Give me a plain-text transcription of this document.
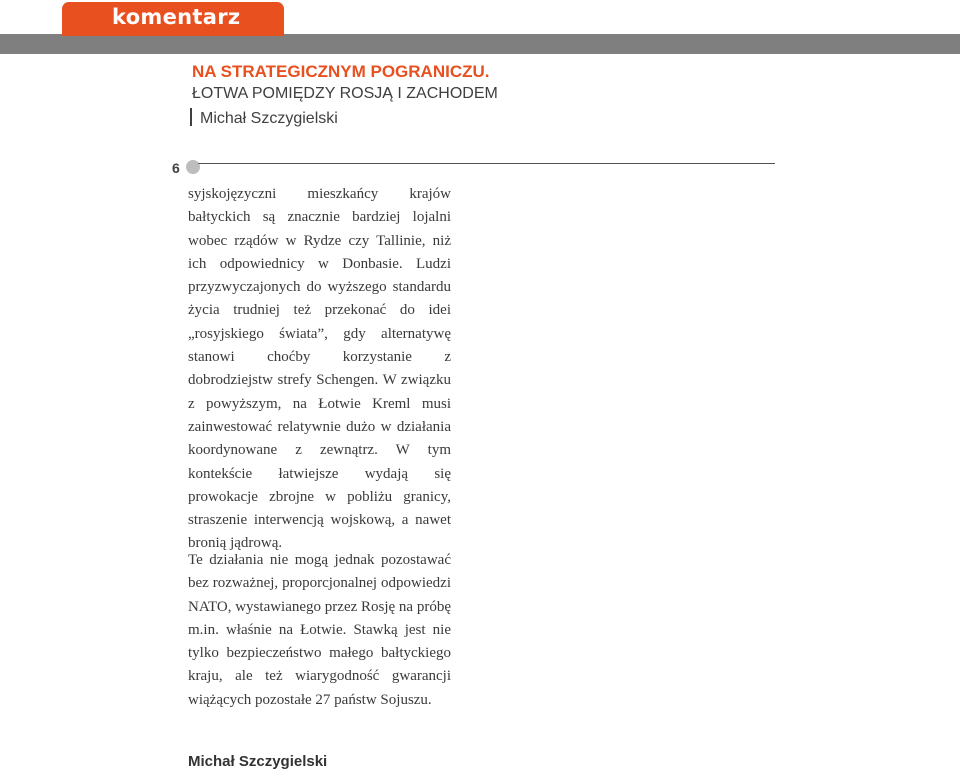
komentarz
NA STRATEGICZNYM POGRANICZU.
ŁOTWA POMIĘDZY ROSJĄ I ZACHODEM
Michał Szczygielski
6
syjskojęzyczni mieszkańcy krajów bałtyckich są znacznie bardziej lojalni wobec rządów w Rydze czy Tallinie, niż ich odpowiednicy w Donbasie. Ludzi przyzwyczajonych do wyższego standardu życia trudniej też przekonać do idei „rosyjskiego świata”, gdy alternatywę stanowi choćby korzystanie z dobrodziejstw strefy Schengen. W związku z powyższym, na Łotwie Kreml musi zainwestować relatywnie dużo w działania koordynowane z zewnątrz. W tym kontekście łatwiejsze wydają się prowokacje zbrojne w pobliżu granicy, straszenie interwencją wojskową, a nawet bronią jądrową.
Te działania nie mogą jednak pozostawać bez rozważnej, proporcjonalnej odpowiedzi NATO, wystawianego przez Rosję na próbę m.in. właśnie na Łotwie. Stawką jest nie tylko bezpieczeństwo małego bałtyckiego kraju, ale też wiarygodność gwarancji wiążących pozostałe 27 państw Sojuszu.
Michał Szczygielski
